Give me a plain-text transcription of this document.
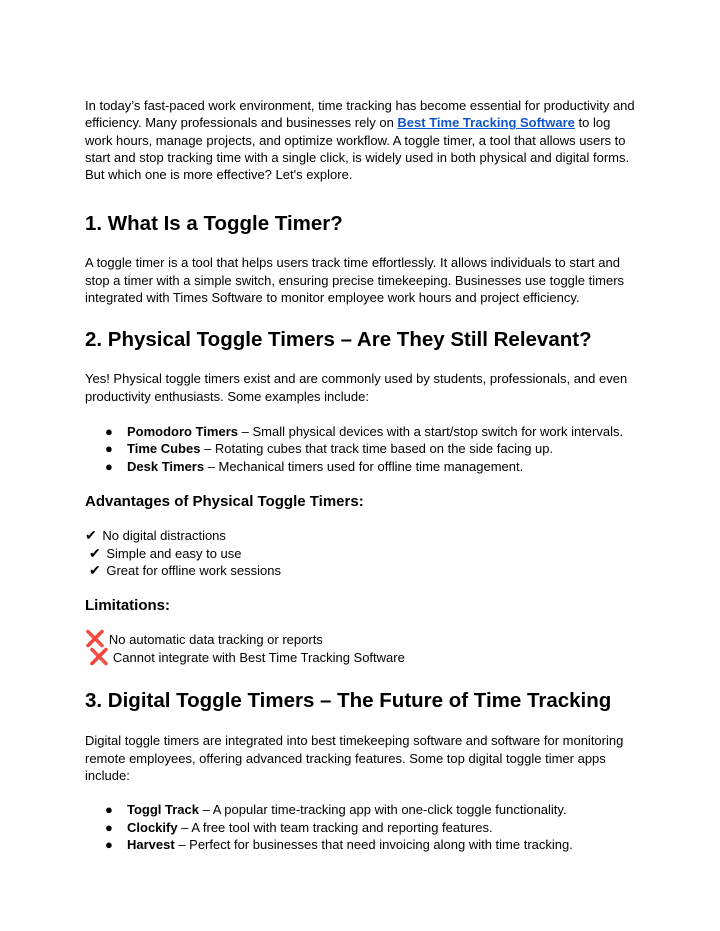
In today’s fast-paced work environment, time tracking has become essential for productivity and efficiency. Many professionals and businesses rely on Best Time Tracking Software to log work hours, manage projects, and optimize workflow. A toggle timer, a tool that allows users to start and stop tracking time with a single click, is widely used in both physical and digital forms. But which one is more effective? Let's explore.

1. What Is a Toggle Timer?

A toggle timer is a tool that helps users track time effortlessly. It allows individuals to start and stop a timer with a simple switch, ensuring precise timekeeping. Businesses use toggle timers integrated with Times Software to monitor employee work hours and project efficiency.

2. Physical Toggle Timers – Are They Still Relevant?

Yes! Physical toggle timers exist and are commonly used by students, professionals, and even productivity enthusiasts. Some examples include:

● Pomodoro Timers – Small physical devices with a start/stop switch for work intervals.
● Time Cubes – Rotating cubes that track time based on the side facing up.
● Desk Timers – Mechanical timers used for offline time management.
Advantages of Physical Toggle Timers:
✔ No digital distractions
✔ Simple and easy to use
✔ Great for offline work sessions
Limitations:
❌ No automatic data tracking or reports
❌ Cannot integrate with Best Time Tracking Software
3. Digital Toggle Timers – The Future of Time Tracking

Digital toggle timers are integrated into best timekeeping software and software for monitoring remote employees, offering advanced tracking features. Some top digital toggle timer apps include:

● Toggl Track – A popular time-tracking app with one-click toggle functionality.
● Clockify – A free tool with team tracking and reporting features.
● Harvest – Perfect for businesses that need invoicing along with time tracking.
